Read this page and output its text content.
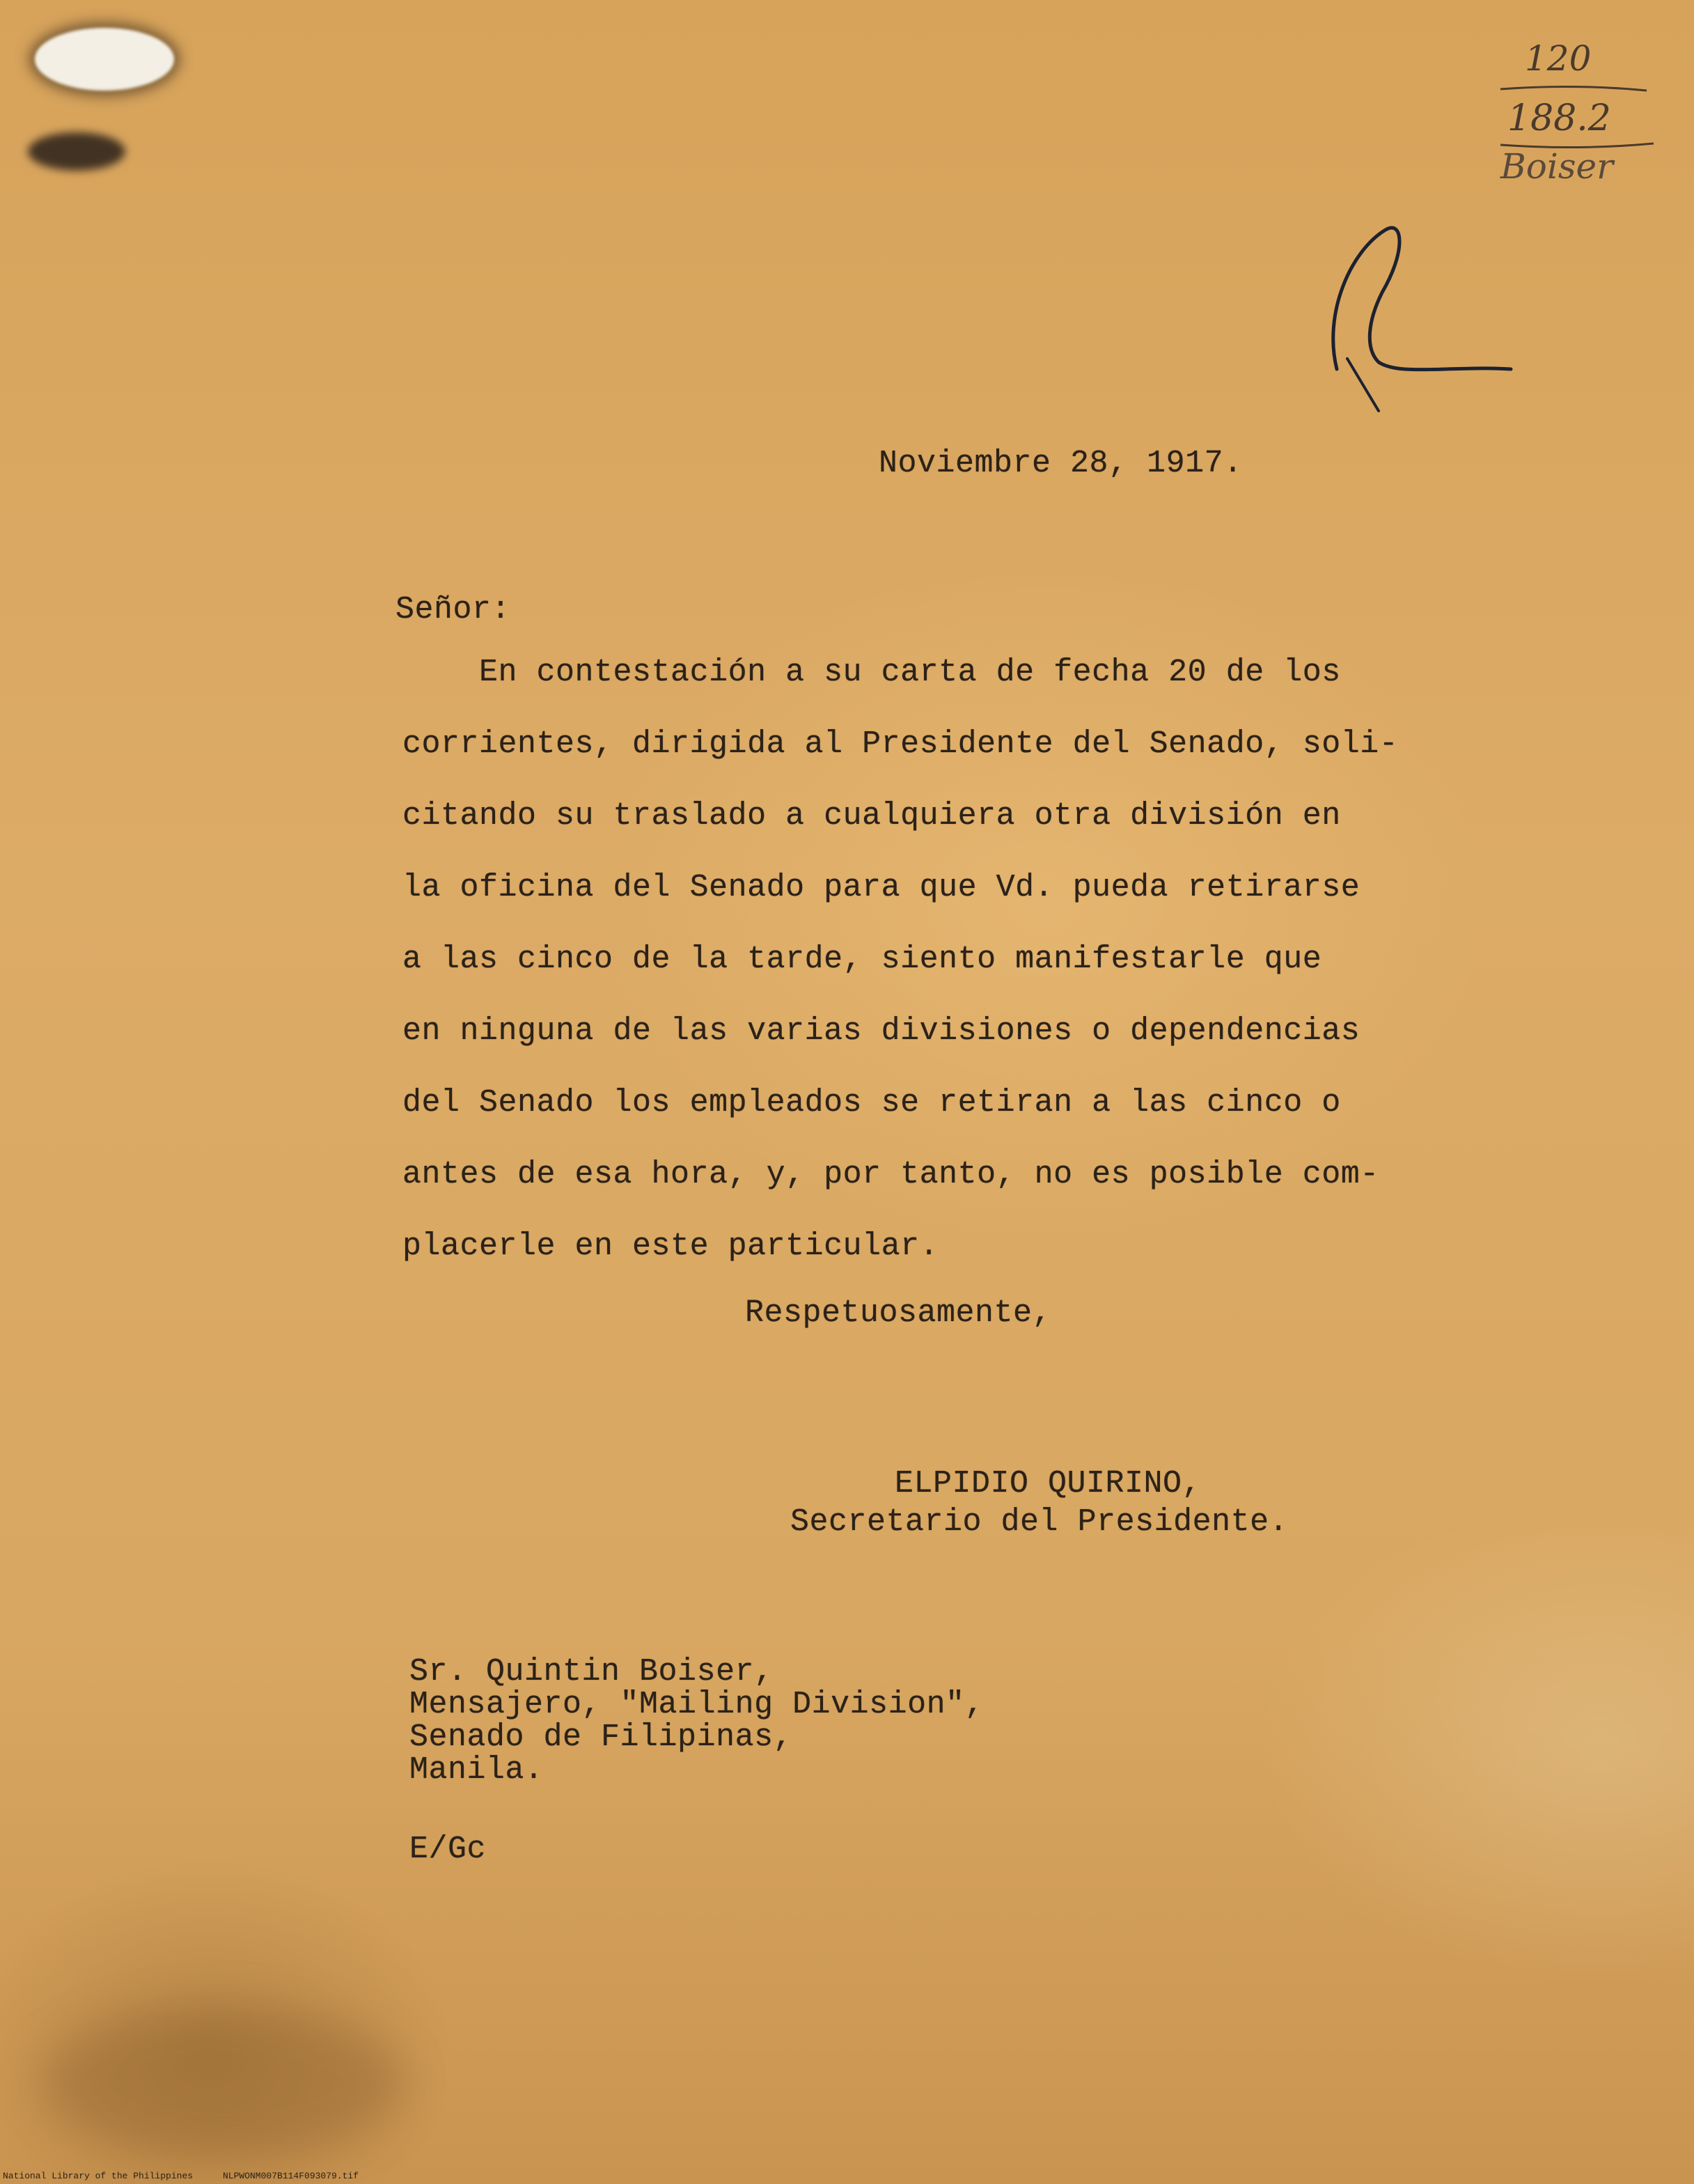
120
188.2
Boiser
Noviembre 28, 1917.
Señor:
En contestación a su carta de fecha 20 de los
corrientes, dirigida al Presidente del Senado, soli-
citando su traslado a cualquiera otra división en
la oficina del Senado para que Vd. pueda retirarse
a las cinco de la tarde, siento manifestarle que
en ninguna de las varias divisiones o dependencias
del Senado los empleados se retiran a las cinco o
antes de esa hora, y, por tanto, no es posible com-
placerle en este particular.
Respetuosamente,
ELPIDIO QUIRINO,
Secretario del Presidente.
Sr. Quintin Boiser,
Mensajero, "Mailing Division",
Senado de Filipinas,
Manila.
E/Gc
National Library of the Philippines	NLPWONM007B114F093079.tif
